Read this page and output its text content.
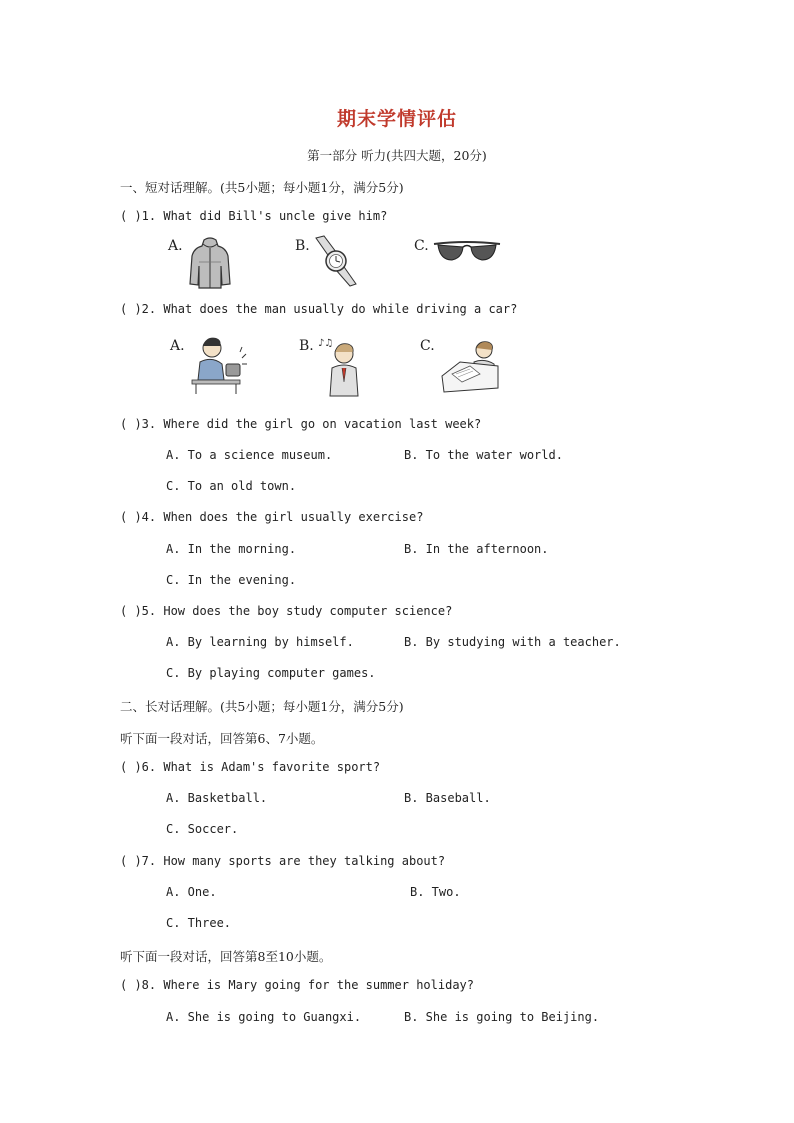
期末学情评估
第一部分 听力(共四大题，20分)
一、短对话理解。(共5小题；每小题1分，满分5分)
( )1. What did Bill's uncle give him?
A.	B.	C.
( )2. What does the man usually do while driving a car?
A.	B. ♪♫	C.
( )3. Where did the girl go on vacation last week?
A. To a science museum.	B. To the water world.
C. To an old town.
( )4. When does the girl usually exercise?
A. In the morning.	B. In the afternoon.
C. In the evening.
( )5. How does the boy study computer science?
A. By learning by himself.	B. By studying with a teacher.
C. By playing computer games.
二、长对话理解。(共5小题；每小题1分，满分5分)
听下面一段对话，回答第6、7小题。
( )6. What is Adam's favorite sport?
A. Basketball.	B. Baseball.
C. Soccer.
( )7. How many sports are they talking about?
A. One.	B. Two.
C. Three.
听下面一段对话，回答第8至10小题。
( )8. Where is Mary going for the summer holiday?
A. She is going to Guangxi.	B. She is going to Beijing.
